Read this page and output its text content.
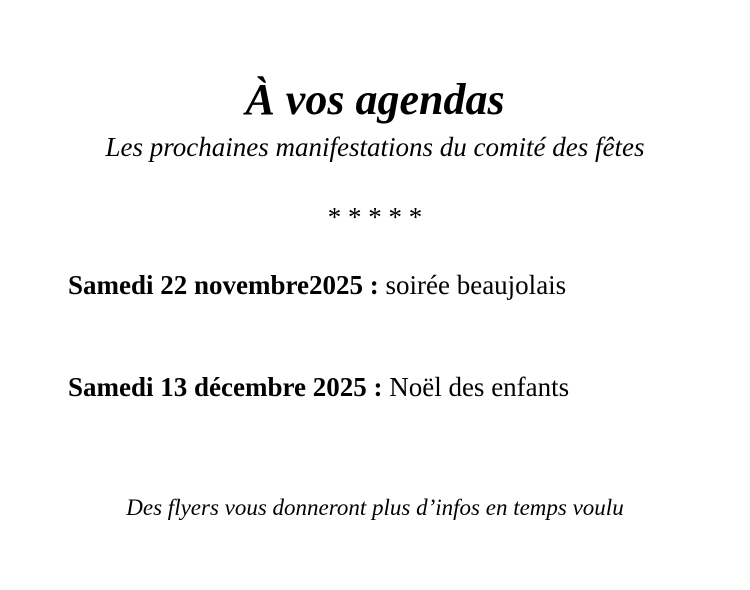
À vos agendas
Les prochaines manifestations du comité des fêtes
* * * * *
Samedi 22 novembre2025 : soirée beaujolais
Samedi 13 décembre 2025 : Noël des enfants
Des flyers vous donneront plus d’infos en temps voulu
